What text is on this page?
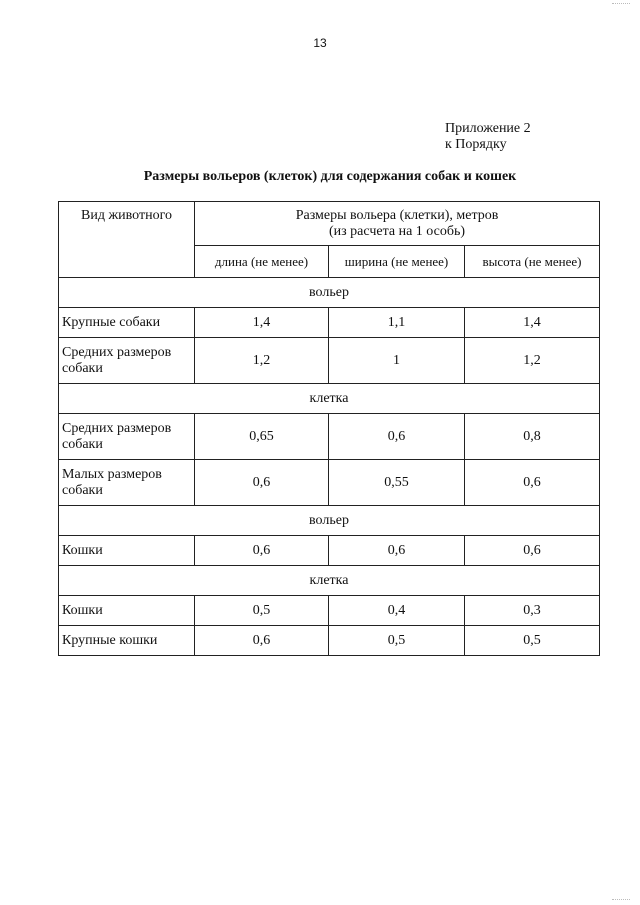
13
Приложение 2
к Порядку
Размеры вольеров (клеток) для содержания собак и кошек
Вид животного	Размеры вольера (клетки), метров
(из расчета на 1 особь)		

	длина (не менее)	ширина (не менее)	высота (не менее)
вольер			

Крупные собаки	1,4	1,1	1,4

Средних размеров
собаки	1,2	1	1,2
клетка			

Средних размеров
собаки	0,65	0,6	0,8

Малых размеров
собаки	0,6	0,55	0,6
вольер			

Кошки	0,6	0,6	0,6
клетка			

Кошки	0,5	0,4	0,3

Крупные кошки	0,6	0,5	0,5
